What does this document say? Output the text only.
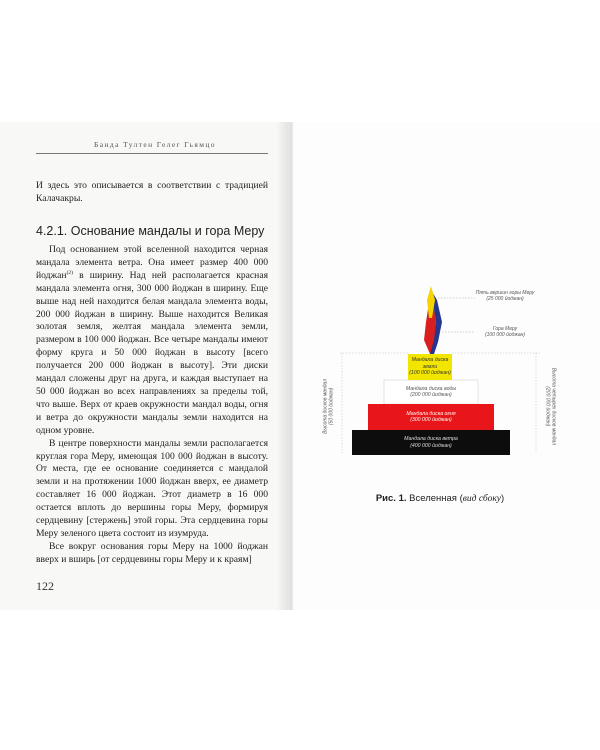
Банда Тултен Гелег Гьямцо

И здесь это описывается в соответствии с традицией Калачакры.

4.2.1. Основание мандалы и гора Меру

Под основанием этой вселенной находится черная мандала элемента ветра. Она имеет размер 400 000 йоджан$^{(2)}$ в ширину. Над ней располагается красная мандала элемента огня, 300 000 йоджан в ширину. Еще выше над ней находится белая мандала элемента воды, 200 000 йоджан в ширину. Выше находится Великая золотая земля, желтая мандала элемента земли, размером в 100 000 йоджан. Все четыре мандалы имеют форму круга и 50 000 йоджан в высоту [всего получается 200 000 йоджан в высоту]. Эти диски мандал сложены друг на друга, и каждая выступает на 50 000 йоджан во всех направлениях за пределы той, что выше. Верх от краев окружности мандал воды, огня и ветра до окружности мандалы земли находится на одном уровне.

В центре поверхности мандалы земли располагается круглая гора Меру, имеющая 100 000 йоджан в высоту. От места, где ее основание соединяется с мандалой земли и на протяжении 1000 йоджан вверх, ее диаметр составляет 16 000 йоджан. Этот диаметр в 16 000 остается вплоть до вершины горы Меру, формируя сердцевину [стержень] этой горы. Эта сердцевина горы Меру зеленого цвета состоит из изумруда.

Все вокруг основания горы Меру на 1000 йоджан вверх и вширь [от сердцевины горы Меру и к краям]

122
Пять вершин горы Меру
(25 000 йоджан)
Гора Меру
(100 000 йоджан)
Мандала диска
земли
(100 000 йоджан)
Мандала диска воды
(200 000 йоджан)
Мандала диска огня
(300 000 йоджан)
Мандала диска ветра
(400 000 йоджан)
Высота дисков мандал
(50 000 йоджан)
Высота четырех дисков мандал
(200 000 йоджан)
Рис. 1. Вселенная (вид сбоку)
